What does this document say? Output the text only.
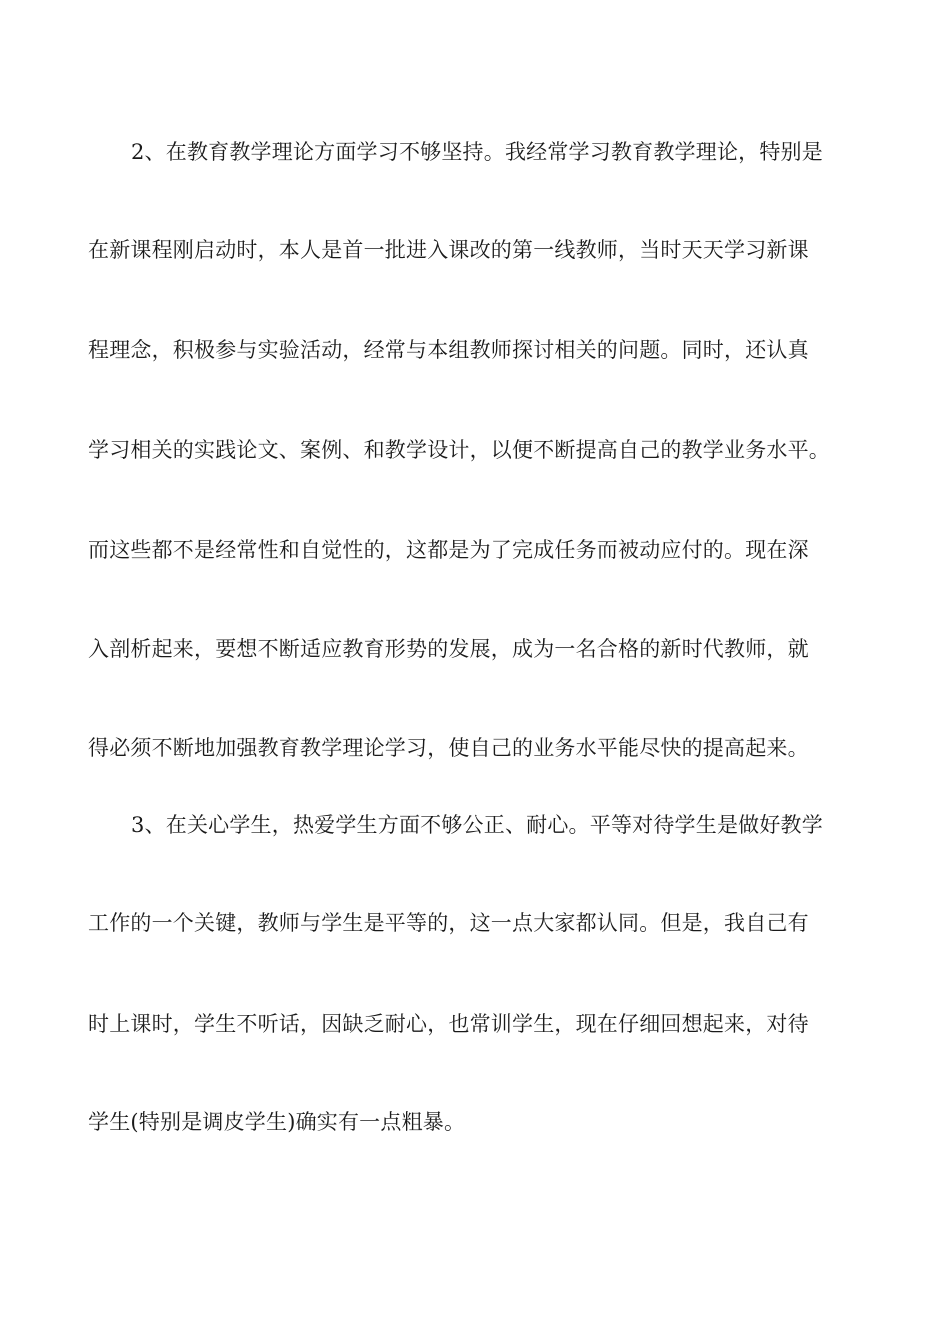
2、在教育教学理论方面学习不够坚持。我经常学习教育教学理论，特别是
在新课程刚启动时，本人是首一批进入课改的第一线教师，当时天天学习新课
程理念，积极参与实验活动，经常与本组教师探讨相关的问题。同时，还认真
学习相关的实践论文、案例、和教学设计，以便不断提高自己的教学业务水平。
而这些都不是经常性和自觉性的，这都是为了完成任务而被动应付的。现在深
入剖析起来，要想不断适应教育形势的发展，成为一名合格的新时代教师，就
得必须不断地加强教育教学理论学习，使自己的业务水平能尽快的提高起来。
3、在关心学生，热爱学生方面不够公正、耐心。平等对待学生是做好教学
工作的一个关键，教师与学生是平等的，这一点大家都认同。但是，我自己有
时上课时，学生不听话，因缺乏耐心，也常训学生，现在仔细回想起来，对待
学生(特别是调皮学生)确实有一点粗暴。
